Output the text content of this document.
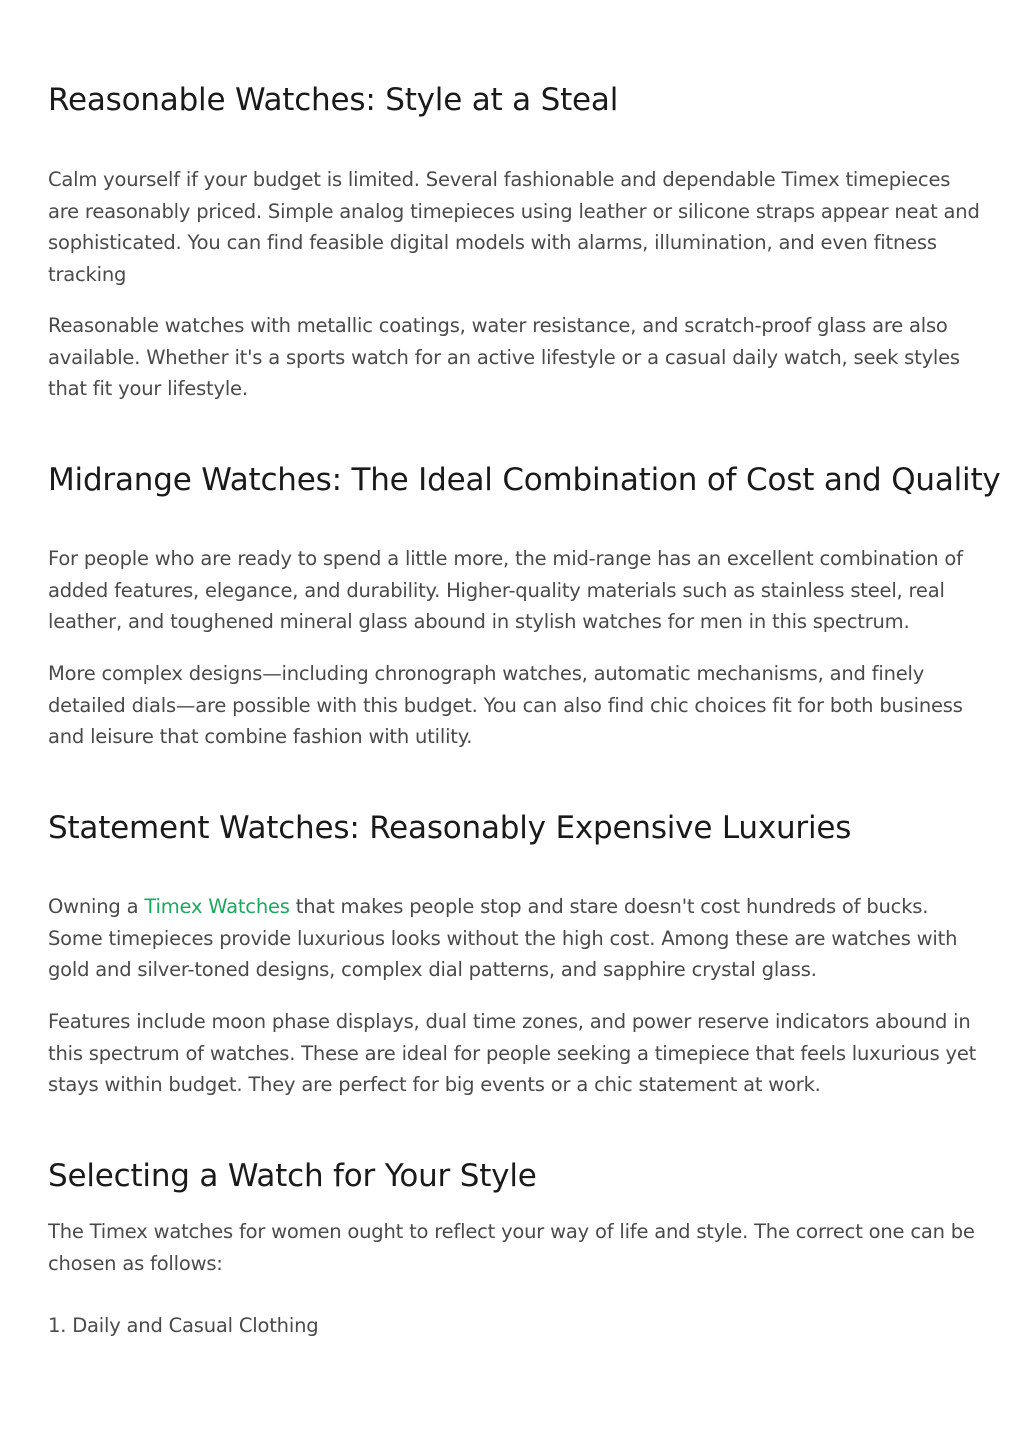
Reasonable Watches: Style at a Steal

Calm yourself if your budget is limited. Several fashionable and dependable Timex timepieces are reasonably priced. Simple analog timepieces using leather or silicone straps appear neat and sophisticated. You can find feasible digital models with alarms, illumination, and even fitness tracking

Reasonable watches with metallic coatings, water resistance, and scratch-proof glass are also available. Whether it's a sports watch for an active lifestyle or a casual daily watch, seek styles that fit your lifestyle.

Midrange Watches: The Ideal Combination of Cost and Quality

For people who are ready to spend a little more, the mid-range has an excellent combination of added features, elegance, and durability. Higher-quality materials such as stainless steel, real leather, and toughened mineral glass abound in stylish watches for men in this spectrum.

More complex designs—including chronograph watches, automatic mechanisms, and finely detailed dials—are possible with this budget. You can also find chic choices fit for both business and leisure that combine fashion with utility.

Statement Watches: Reasonably Expensive Luxuries

Owning a Timex Watches that makes people stop and stare doesn't cost hundreds of bucks. Some timepieces provide luxurious looks without the high cost. Among these are watches with gold and silver-toned designs, complex dial patterns, and sapphire crystal glass.

Features include moon phase displays, dual time zones, and power reserve indicators abound in this spectrum of watches. These are ideal for people seeking a timepiece that feels luxurious yet stays within budget. They are perfect for big events or a chic statement at work.

Selecting a Watch for Your Style

The Timex watches for women ought to reflect your way of life and style. The correct one can be chosen as follows:

1. Daily and Casual Clothing
